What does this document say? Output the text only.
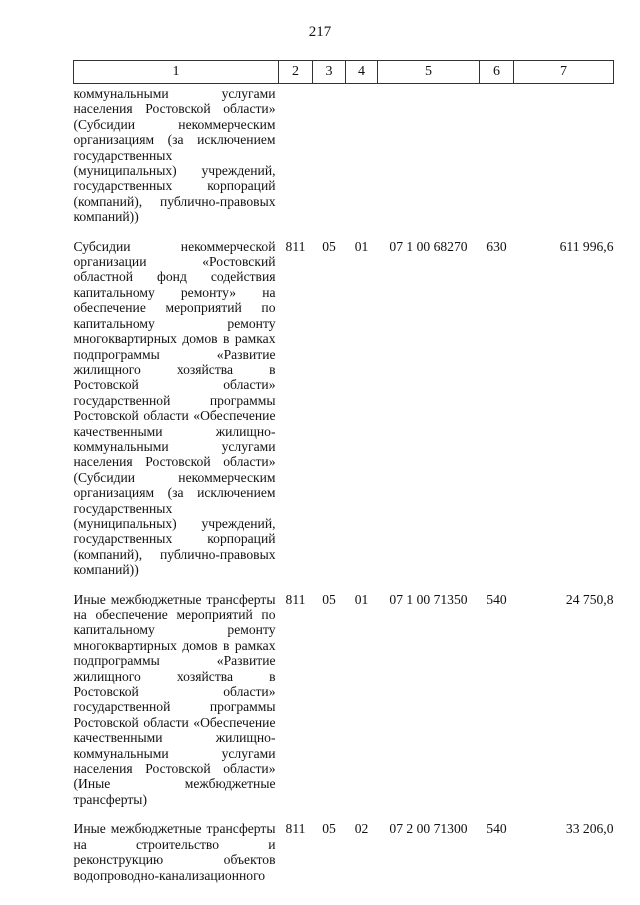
217
1	2	3	4	5	6	7
коммунальными услугами населения Ростовской области» (Субсидии некоммерческим организациям (за исключением государственных (муниципальных) учреждений, государственных корпораций (компаний), публично-правовых компаний))						
Субсидии некоммерческой организации «Ростовский областной фонд содействия капитальному ремонту» на обеспечение мероприятий по капитальному ремонту многоквартирных домов в рамках подпрограммы «Развитие жилищного хозяйства в Ростовской области» государственной программы Ростовской области «Обеспечение качественными жилищно-коммунальными услугами населения Ростовской области» (Субсидии некоммерческим организациям (за исключением государственных (муниципальных) учреждений, государственных корпораций (компаний), публично-правовых компаний))	811	05	01	07 1 00 68270	630	611 996,6
Иные межбюджетные трансферты на обеспечение мероприятий по капитальному ремонту многоквартирных домов в рамках подпрограммы «Развитие жилищного хозяйства в Ростовской области» государственной программы Ростовской области «Обеспечение качественными жилищно-коммунальными услугами населения Ростовской области» (Иные межбюджетные трансферты)	811	05	01	07 1 00 71350	540	24 750,8
Иные межбюджетные трансферты на строительство и реконструкцию объектов водопроводно-канализационного	811	05	02	07 2 00 71300	540	33 206,0
